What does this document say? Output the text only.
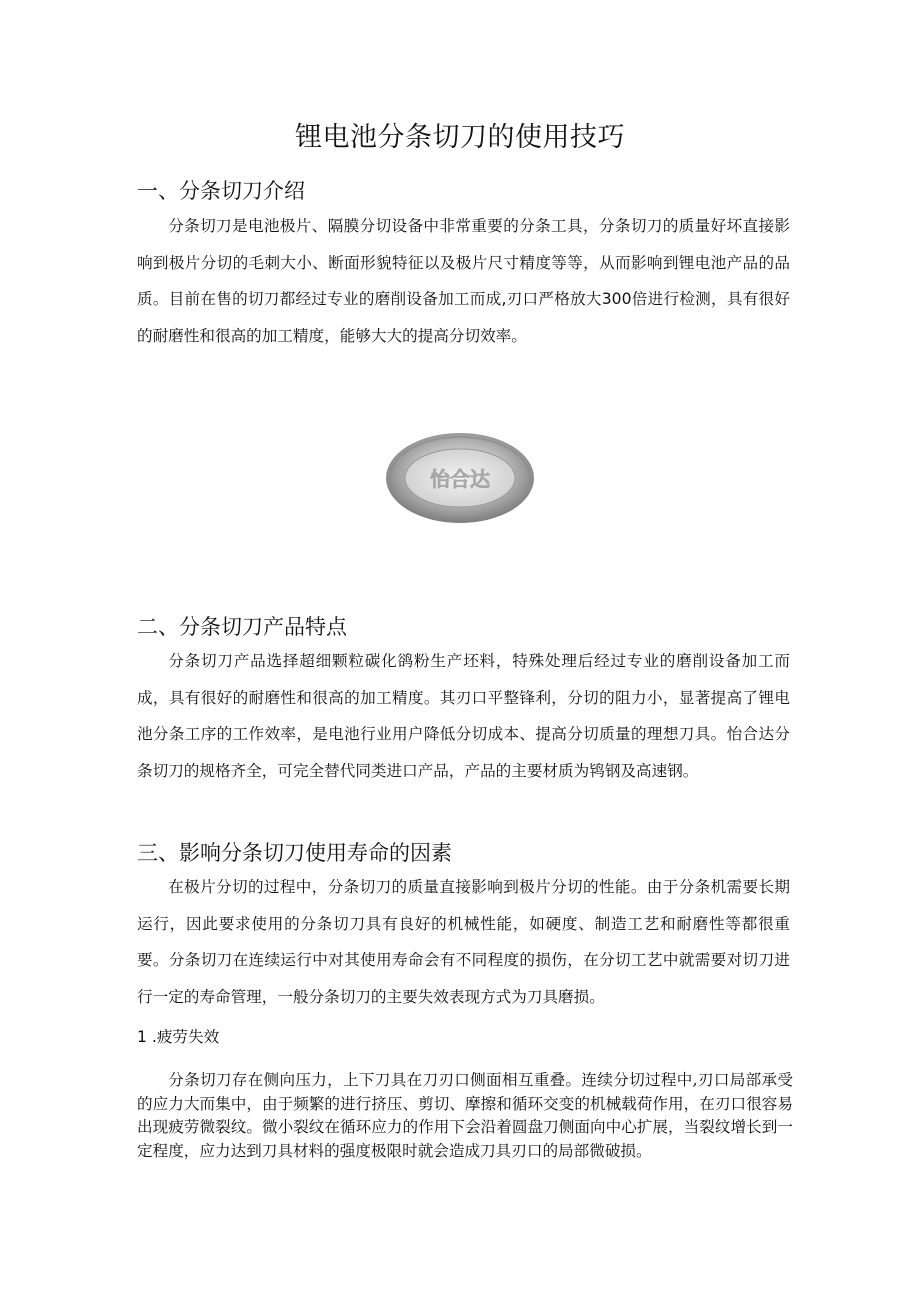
锂电池分条切刀的使用技巧
一、分条切刀介绍
分条切刀是电池极片、隔膜分切设备中非常重要的分条工具，分条切刀的质量好坏直接影响到极片分切的毛刺大小、断面形貌特征以及极片尺寸精度等等，从而影响到锂电池产品的品质。目前在售的切刀都经过专业的磨削设备加工而成,刃口严格放大300倍进行检测，具有很好的耐磨性和很高的加工精度，能够大大的提高分切效率。
怡合达
二、分条切刀产品特点
分条切刀产品选择超细颗粒碳化鹆粉生产坯料，特殊处理后经过专业的磨削设备加工而成，具有很好的耐磨性和很高的加工精度。其刃口平整锋利，分切的阻力小，显著提高了锂电池分条工序的工作效率，是电池行业用户降低分切成本、提高分切质量的理想刀具。怡合达分条切刀的规格齐全，可完全替代同类进口产品，产品的主要材质为鸨钢及高速钢。
三、影响分条切刀使用寿命的因素
在极片分切的过程中，分条切刀的质量直接影响到极片分切的性能。由于分条机需要长期运行，因此要求使用的分条切刀具有良好的机械性能，如硬度、制造工艺和耐磨性等都很重要。分条切刀在连续运行中对其使用寿命会有不同程度的损伤，在分切工艺中就需要对切刀进行一定的寿命管理，一般分条切刀的主要失效表现方式为刀具磨损。
1 .疲劳失效
分条切刀存在侧向压力，上下刀具在刀刃口侧面相互重叠。连续分切过程中,刃口局部承受的应力大而集中，由于频繁的进行挤压、剪切、摩擦和循环交变的机械载荷作用，在刃口很容易出现疲劳微裂纹。微小裂纹在循环应力的作用下会沿着圆盘刀侧面向中心扩展，当裂纹增长到一定程度，应力达到刀具材料的强度极限时就会造成刀具刃口的局部微破损。
